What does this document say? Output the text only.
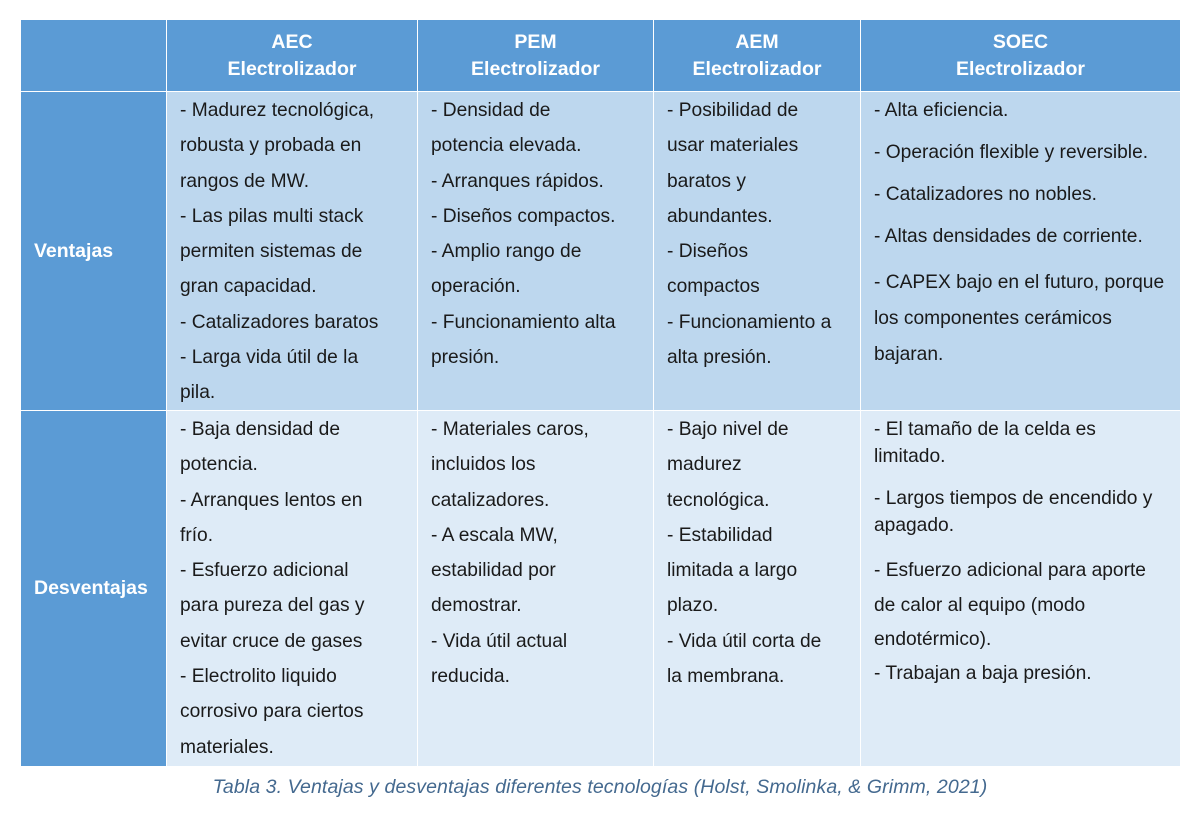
AEC
Electrolizador
PEM
Electrolizador
AEM
Electrolizador
SOEC
Electrolizador
Ventajas
- Madurez tecnológica,
robusta y probada en
rangos de MW.
- Las pilas multi stack
permiten sistemas de
gran capacidad.
- Catalizadores baratos
- Larga vida útil de la
pila.
- Densidad de
potencia elevada.
- Arranques rápidos.
- Diseños compactos.
- Amplio rango de
operación.
- Funcionamiento alta
presión.
- Posibilidad de
usar materiales
baratos y
abundantes.
- Diseños
compactos
- Funcionamiento a
alta presión.
- Alta eficiencia.
- Operación flexible y reversible.
- Catalizadores no nobles.
- Altas densidades de corriente.
- CAPEX bajo en el futuro, porque los componentes cerámicos bajaran.
Desventajas
- Baja densidad de
potencia.
- Arranques lentos en
frío.
- Esfuerzo adicional
para pureza del gas y
evitar cruce de gases
- Electrolito liquido
corrosivo para ciertos
materiales.
- Materiales caros,
incluidos los
catalizadores.
- A escala MW,
estabilidad por
demostrar.
- Vida útil actual
reducida.
- Bajo nivel de
madurez
tecnológica.
- Estabilidad
limitada a largo
plazo.
- Vida útil corta de
la membrana.
- El tamaño de la celda es limitado.
- Largos tiempos de encendido y apagado.
- Esfuerzo adicional para aporte de calor al equipo (modo endotérmico).
- Trabajan a baja presión.
Tabla 3. Ventajas y desventajas diferentes tecnologías (Holst, Smolinka, & Grimm, 2021)
